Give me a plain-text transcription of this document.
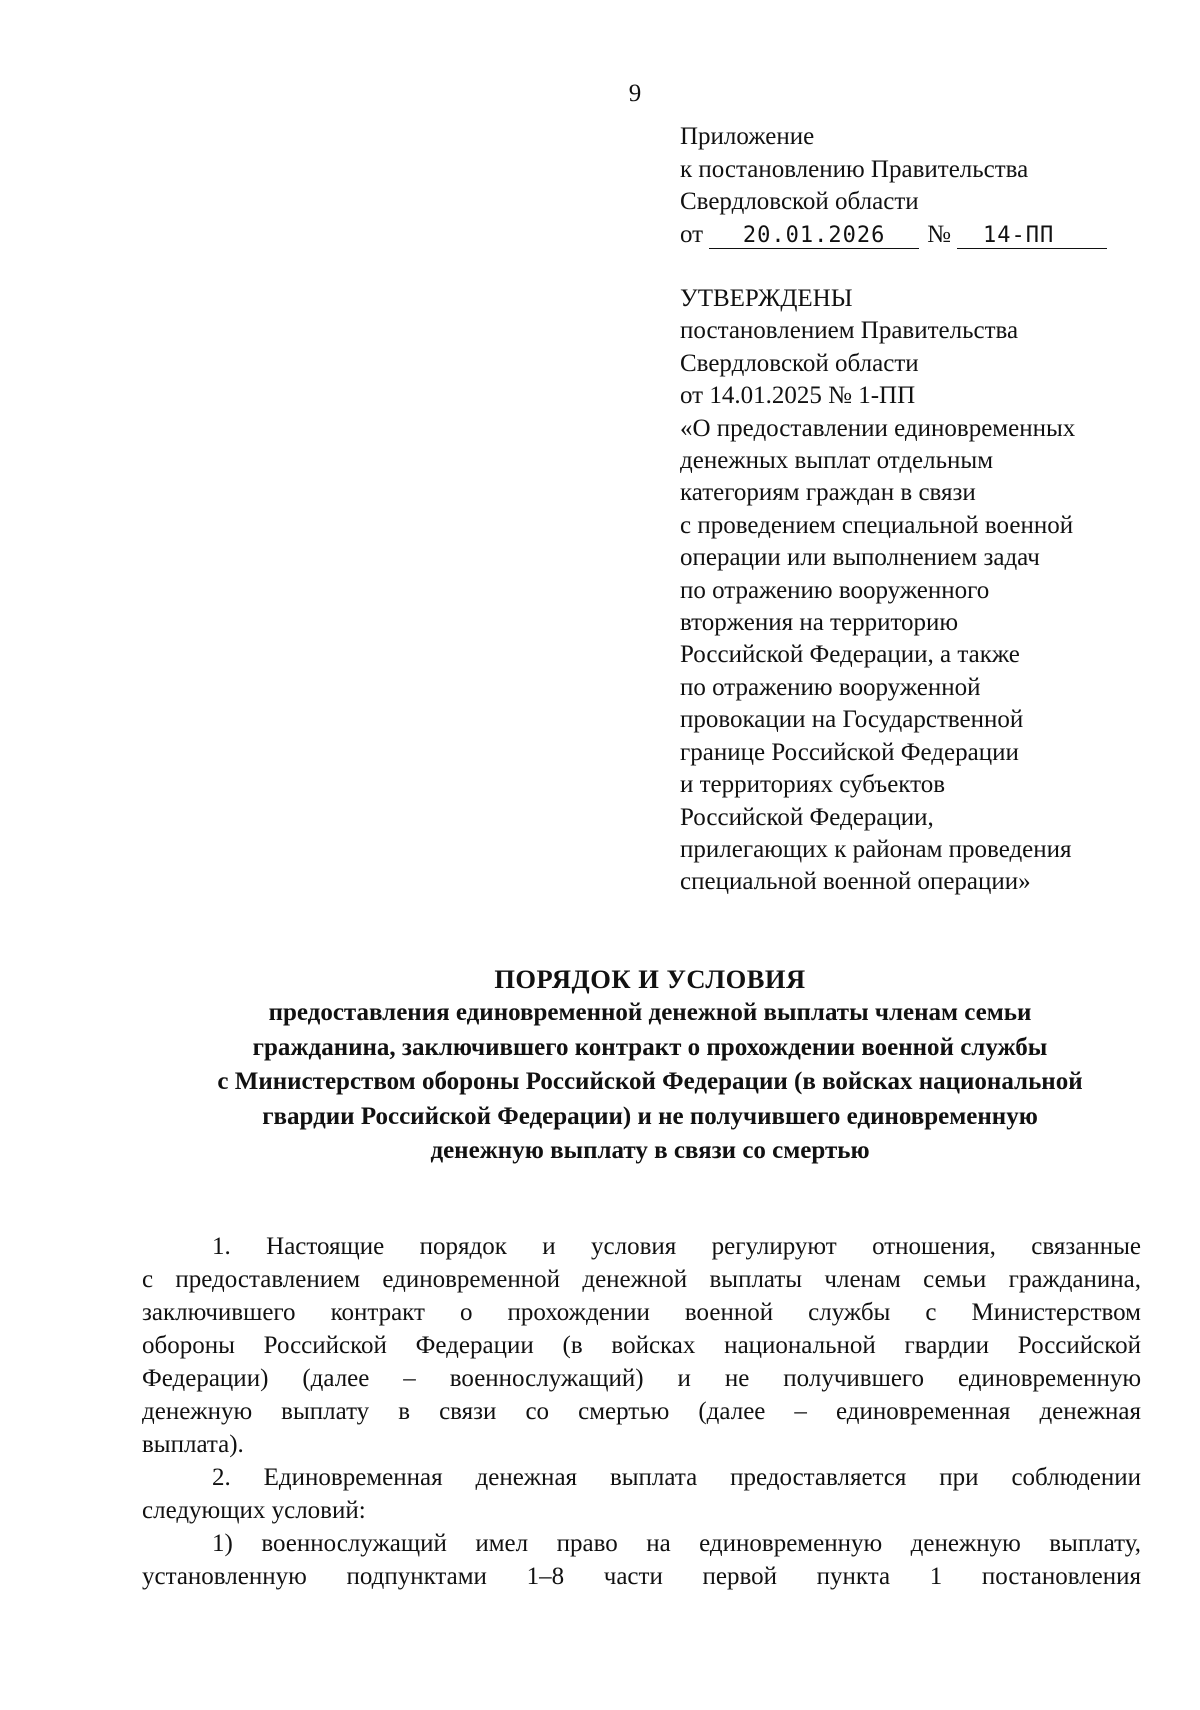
9
Приложение
к постановлению Правительства
Свердловской области
от 20.01.2026 № 14-ПП
УТВЕРЖДЕНЫ
постановлением Правительства
Свердловской области
от 14.01.2025 № 1-ПП
«О предоставлении единовременных
денежных выплат отдельным
категориям граждан в связи
с проведением специальной военной
операции или выполнением задач
по отражению вооруженного
вторжения на территорию
Российской Федерации, а также
по отражению вооруженной
провокации на Государственной
границе Российской Федерации
и территориях субъектов
Российской Федерации,
прилегающих к районам проведения
специальной военной операции»
ПОРЯДОК И УСЛОВИЯ
предоставления единовременной денежной выплаты членам семьи
гражданина, заключившего контракт о прохождении военной службы
с Министерством обороны Российской Федерации (в войсках национальной
гвардии Российской Федерации) и не получившего единовременную
денежную выплату в связи со смертью
1. Настоящие порядок и условия регулируют отношения, связанные
с предоставлением единовременной денежной выплаты членам семьи гражданина,
заключившего контракт о прохождении военной службы с Министерством
обороны Российской Федерации (в войсках национальной гвардии Российской
Федерации) (далее – военнослужащий) и не получившего единовременную
денежную выплату в связи со смертью (далее – единовременная денежная
выплата).
2. Единовременная денежная выплата предоставляется при соблюдении
следующих условий:
1) военнослужащий имел право на единовременную денежную выплату,
установленную подпунктами 1–8 части первой пункта 1 постановления
